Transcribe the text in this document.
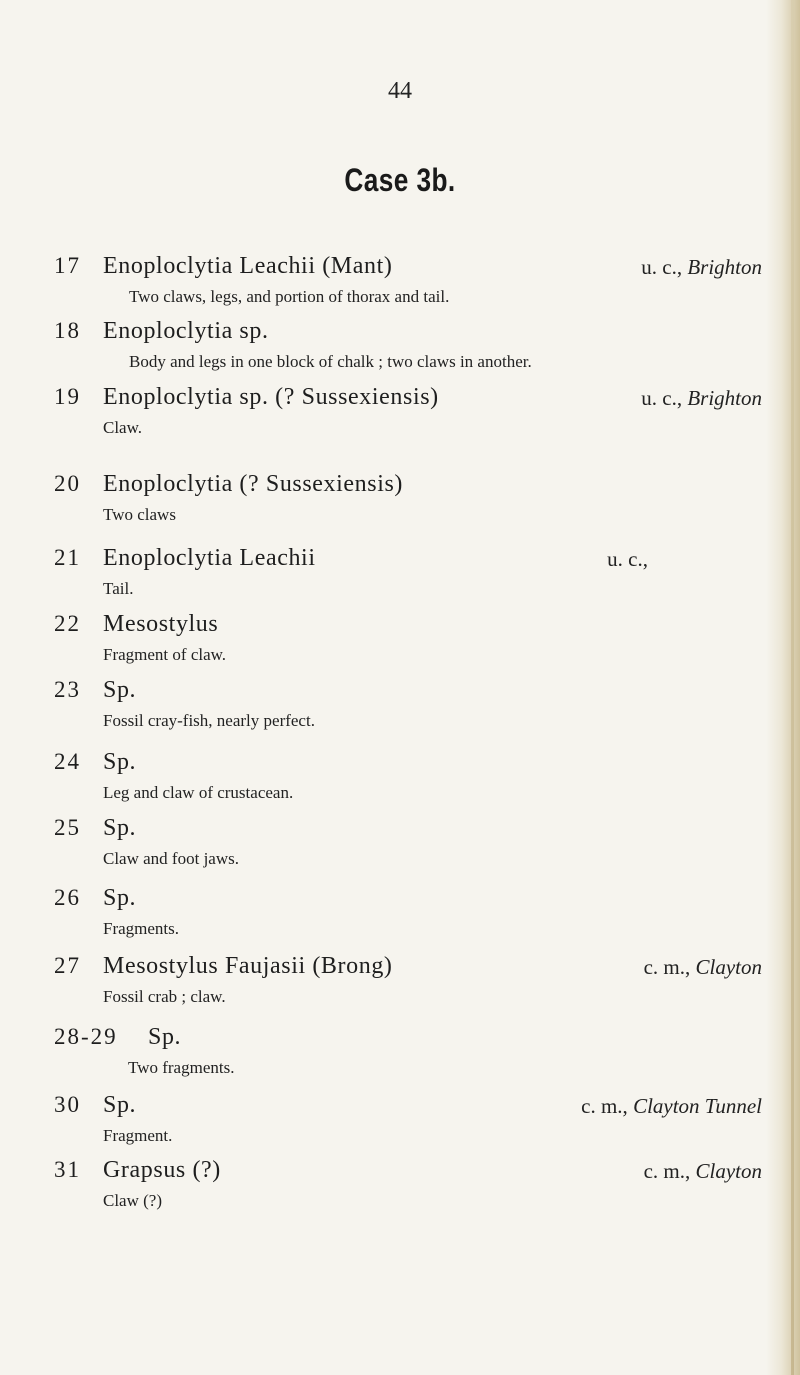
44
Case 3b.
17 Enoploclytia Leachii (Mant)	u. c., Brighton
Two claws, legs, and portion of thorax and tail.
18 Enoploclytia sp.
Body and legs in one block of chalk ; two claws in another.
19 Enoploclytia sp. (? Sussexiensis)	u. c., Brighton
Claw.
20 Enoploclytia (? Sussexiensis)
Two claws
21 Enoploclytia Leachii	u. c.,
Tail.
22 Mesostylus
Fragment of claw.
23 Sp.
Fossil cray-fish, nearly perfect.
24 Sp.
Leg and claw of crustacean.
25 Sp.
Claw and foot jaws.
26 Sp.
Fragments.
27 Mesostylus Faujasii (Brong)	c. m., Clayton
Fossil crab ; claw.
28-29 Sp.
Two fragments.
30 Sp.	c. m., Clayton Tunnel
Fragment.
31 Grapsus (?)	c. m., Clayton
Claw (?)
